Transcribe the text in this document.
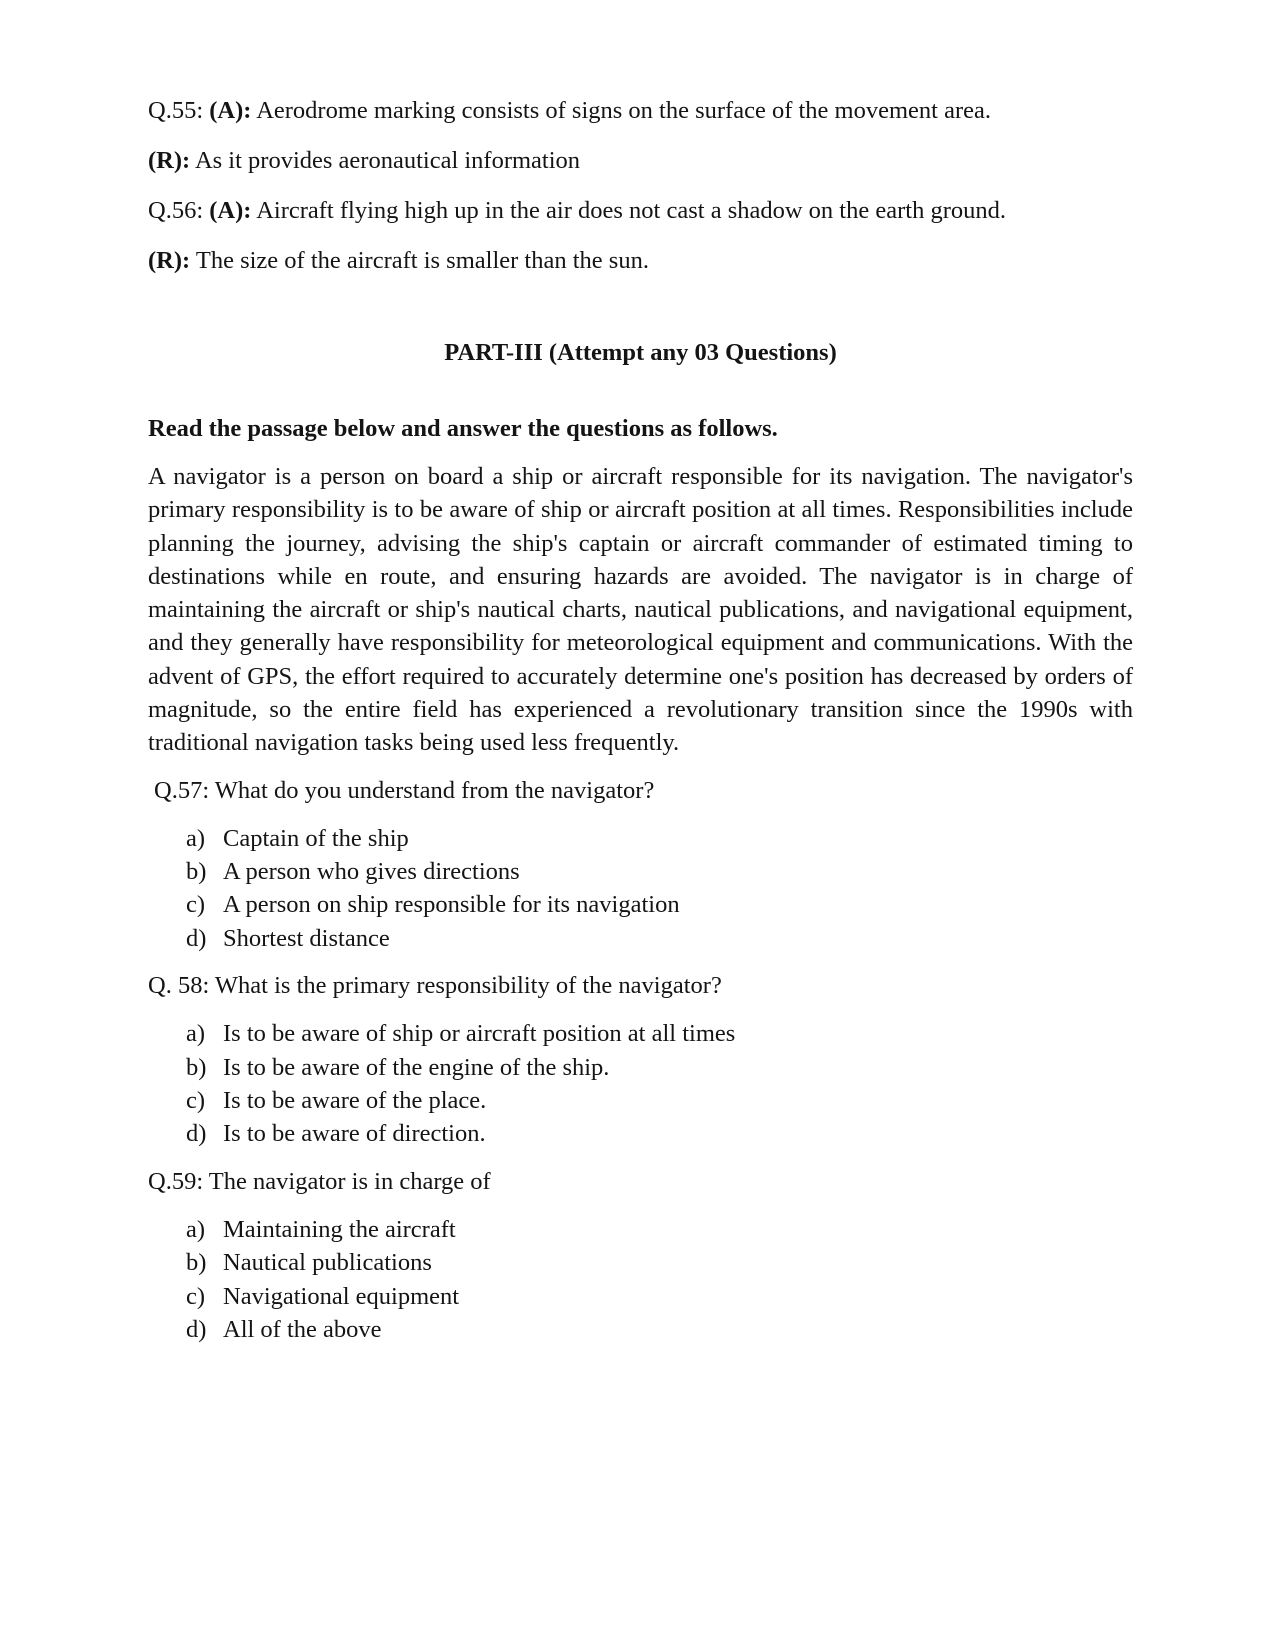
Q.55: (A): Aerodrome marking consists of signs on the surface of the movement area.

(R): As it provides aeronautical information

Q.56: (A): Aircraft flying high up in the air does not cast a shadow on the earth ground.

(R): The size of the aircraft is smaller than the sun.

PART-III (Attempt any 03 Questions)
Read the passage below and answer the questions as follows.

A navigator is a person on board a ship or aircraft responsible for its navigation. The navigator's primary responsibility is to be aware of ship or aircraft position at all times. Responsibilities include planning the journey, advising the ship's captain or aircraft commander of estimated timing to destinations while en route, and ensuring hazards are avoided. The navigator is in charge of maintaining the aircraft or ship's nautical charts, nautical publications, and navigational equipment, and they generally have responsibility for meteorological equipment and communications. With the advent of GPS, the effort required to accurately determine one's position has decreased by orders of magnitude, so the entire field has experienced a revolutionary transition since the 1990s with traditional navigation tasks being used less frequently.

Q.57: What do you understand from the navigator?
a) Captain of the ship
b) A person who gives directions
c) A person on ship responsible for its navigation
d) Shortest distance
Q. 58: What is the primary responsibility of the navigator?
a) Is to be aware of ship or aircraft position at all times
b) Is to be aware of the engine of the ship.
c) Is to be aware of the place.
d) Is to be aware of direction.
Q.59: The navigator is in charge of
a) Maintaining the aircraft
b) Nautical publications
c) Navigational equipment
d) All of the above
